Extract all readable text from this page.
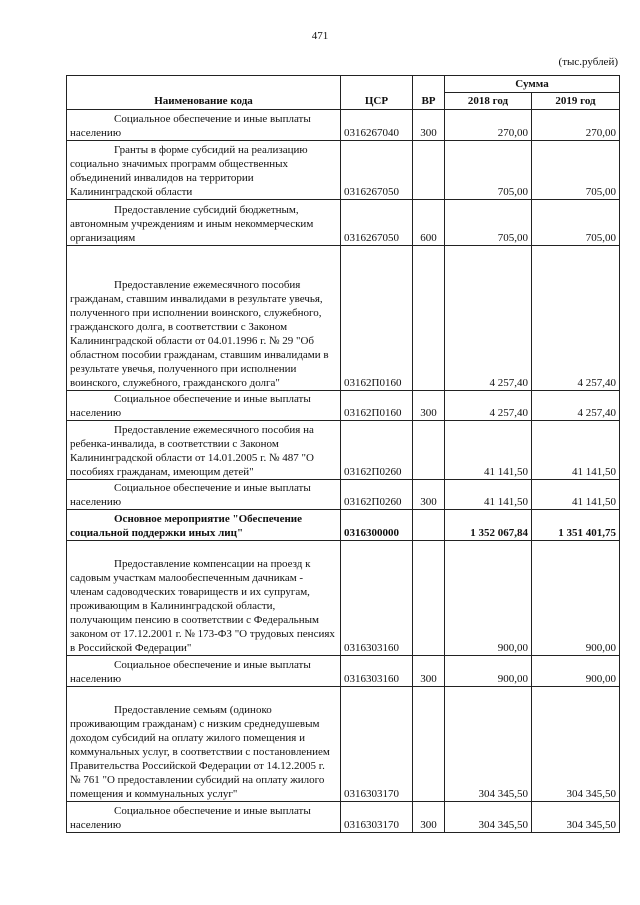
471
(тыс.рублей)
Наименование кода	ЦСР	ВР	Сумма	
			2018 год	2019 год

Социальное обеспечение и иные выплаты
населению	0316267040	300	270,00	270,00

Гранты в форме субсидий на реализацию
социально значимых программ общественных объединений инвалидов на территории Калининградской области	0316267050		705,00	705,00

Предоставление субсидий бюджетным,
автономным учреждениям и иным некоммерческим организациям	0316267050	600	705,00	705,00

Предоставление ежемесячного пособия
гражданам, ставшим инвалидами в результате увечья, полученного при исполнении воинского, служебного, гражданского долга, в соответствии с Законом Калининградской области от 04.01.1996 г. № 29 "Об областном пособии гражданам, ставшим инвалидами в результате увечья, полученного при исполнении воинского, служебного, гражданского долга"	03162П0160		4 257,40	4 257,40

Социальное обеспечение и иные выплаты
населению	03162П0160	300	4 257,40	4 257,40

Предоставление ежемесячного пособия на
ребенка-инвалида, в соответствии с Законом Калининградской области от 14.01.2005 г. № 487 "О пособиях гражданам, имеющим детей"	03162П0260		41 141,50	41 141,50

Социальное обеспечение и иные выплаты
населению	03162П0260	300	41 141,50	41 141,50

Основное мероприятие "Обеспечение
социальной поддержки иных лиц"	0316300000		1 352 067,84	1 351 401,75

Предоставление компенсации на проезд к
садовым участкам малообеспеченным дачникам - членам садоводческих товариществ и их супругам, проживающим в Калининградской области, получающим пенсию в соответствии с Федеральным законом от 17.12.2001 г. № 173-ФЗ "О трудовых пенсиях в Российской Федерации"	0316303160		900,00	900,00

Социальное обеспечение и иные выплаты
населению	0316303160	300	900,00	900,00

Предоставление семьям (одиноко
проживающим гражданам) с низким среднедушевым доходом субсидий на оплату жилого помещения и коммунальных услуг, в соответствии с постановлением Правительства Российской Федерации от 14.12.2005 г. № 761 "О предоставлении субсидий на оплату жилого помещения и коммунальных услуг"	0316303170		304 345,50	304 345,50

Социальное обеспечение и иные выплаты
населению	0316303170	300	304 345,50	304 345,50
